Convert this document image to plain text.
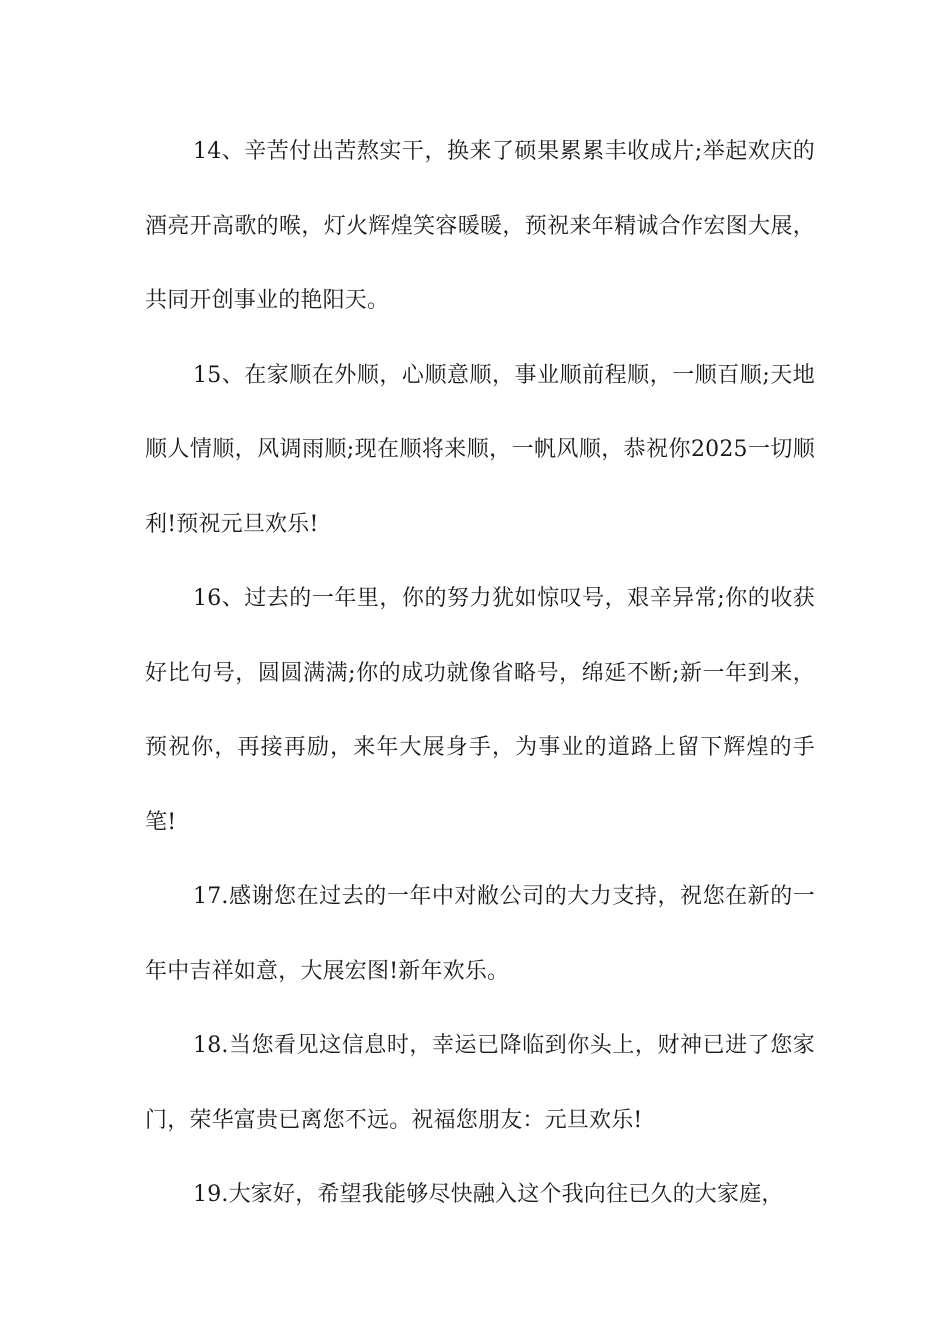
14、辛苦付出苦熬实干，换来了硕果累累丰收成片;举起欢庆的酒亮开高歌的喉，灯火辉煌笑容暖暖，预祝来年精诚合作宏图大展，共同开创事业的艳阳天。

15、在家顺在外顺，心顺意顺，事业顺前程顺，一顺百顺;天地顺人情顺，风调雨顺;现在顺将来顺，一帆风顺，恭祝你2025一切顺利!预祝元旦欢乐!

16、过去的一年里，你的努力犹如惊叹号，艰辛异常;你的收获好比句号，圆圆满满;你的成功就像省略号，绵延不断;新一年到来，预祝你，再接再励，来年大展身手，为事业的道路上留下辉煌的手笔!

17.感谢您在过去的一年中对敝公司的大力支持，祝您在新的一年中吉祥如意，大展宏图!新年欢乐。

18.当您看见这信息时，幸运已降临到你头上，财神已进了您家门，荣华富贵已离您不远。祝福您朋友：元旦欢乐!

19.大家好，希望我能够尽快融入这个我向往已久的大家庭，
